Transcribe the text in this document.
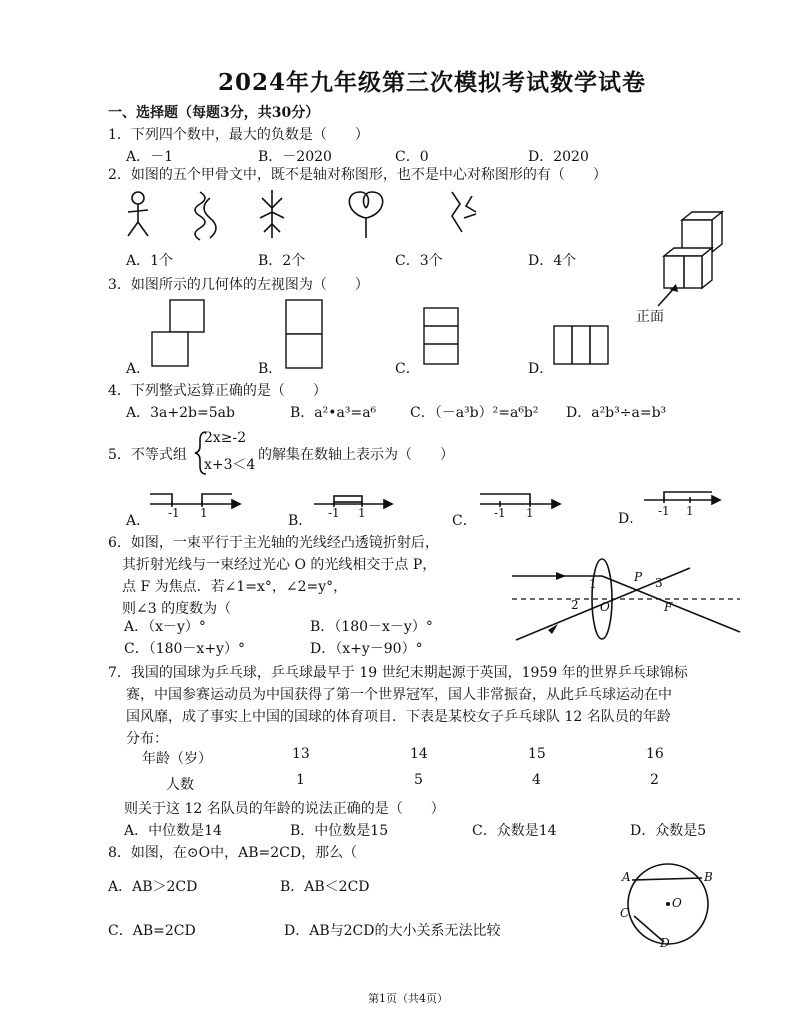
2024年九年级第三次模拟考试数学试卷
一、选择题（每题3分，共30分）
1．下列四个数中，最大的负数是（　　）
A．－1	B．－2020	C．0	D．2020
2．如图的五个甲骨文中，既不是轴对称图形，也不是中心对称图形的有（　　）
A．1个	B．2个	C．3个	D．4个
正面
3．如图所示的几何体的左视图为（　　）
A．	B．	C．	D．
4．下列整式运算正确的是（　　）
A．3a+2b=5ab	B．a²•a³=a⁶ C．（－a³b）²=a⁶b² D．a²b³÷a=b³
5．不等式组
2x≥-2
x+3＜4
的解集在数轴上表示为（　　）
A． -1 1	B． -1 1	C． -1 1	D． -1 1
6．如图，一束平行于主光轴的光线经凸透镜折射后，
其折射光线与一束经过光心 O 的光线相交于点 P，
点 F 为焦点．若∠1=x°，∠2=y°，
则∠3 的度数为（
A．（x－y）°	B．（180－x－y）°
C．（180－x+y）°	D．（x+y－90）°
1
2
3
P
O	F
7．我国的国球为乒乓球，乒乓球最早于 19 世纪末期起源于英国，1959 年的世界乒乓球锦标
赛，中国参赛运动员为中国获得了第一个世界冠军，国人非常振奋，从此乒乓球运动在中
国风靡，成了事实上中国的国球的体育项目．下表是某校女子乒乓球队 12 名队员的年龄
分布：
年龄（岁）	13	14	15	16
人数	1	5	4	2
则关于这 12 名队员的年龄的说法正确的是（　　）
A．中位数是14	B．中位数是15	C．众数是14	D．众数是5
8．如图，在⊙O中，AB=2CD，那么（
A．AB＞2CD	B．AB＜2CD
C．AB=2CD	D．AB与2CD的大小关系无法比较
A	B
C
D
O
第1页（共4页）
